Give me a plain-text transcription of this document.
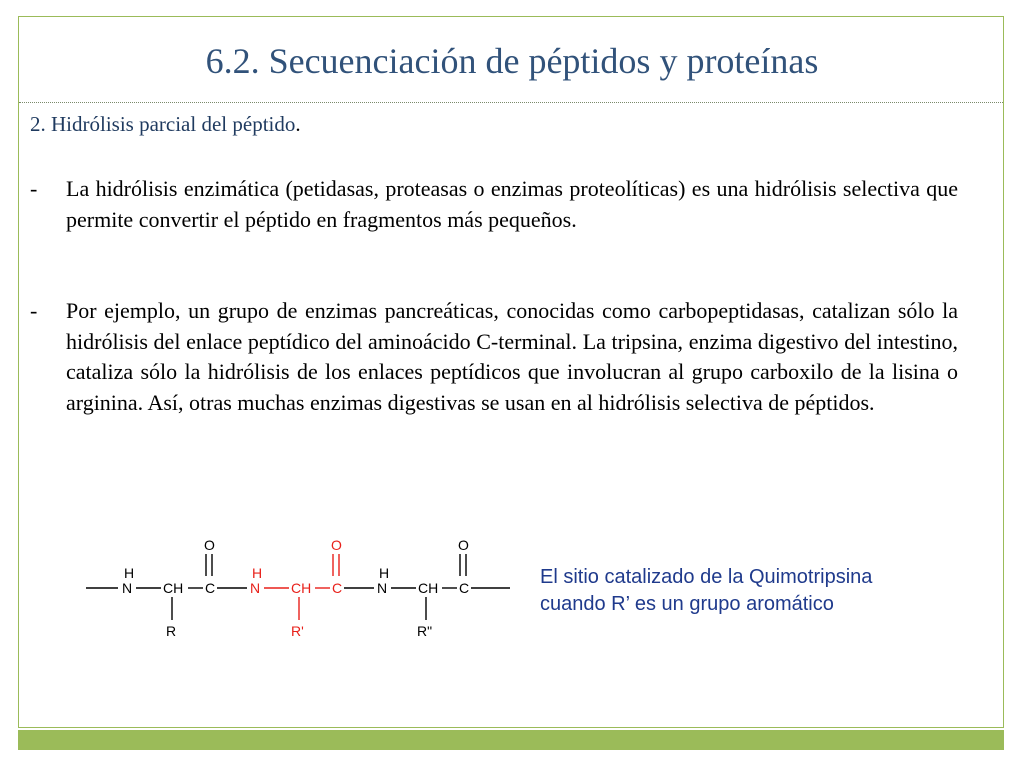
6.2. Secuenciación de péptidos y proteínas
2. Hidrólisis parcial del péptido.
- La hidrólisis enzimática (petidasas, proteasas o enzimas proteolíticas) es una hidrólisis selectiva que permite convertir el péptido en fragmentos más pequeños.
- Por ejemplo, un grupo de enzimas pancreáticas, conocidas como carbopeptidasas, catalizan sólo la hidrólisis del enlace peptídico del aminoácido C-terminal. La tripsina, enzima digestivo del intestino, cataliza sólo la hidrólisis de los enlaces peptídicos que involucran al grupo carboxilo de la lisina o arginina. Así, otras muchas enzimas digestivas se usan en al hidrólisis selectiva de péptidos.
H
N CH C
O
R
H
N CH C
O
R'
H
N CH C
O
R"
El sitio catalizado de la Quimotripsina
cuando R’ es un grupo aromático
